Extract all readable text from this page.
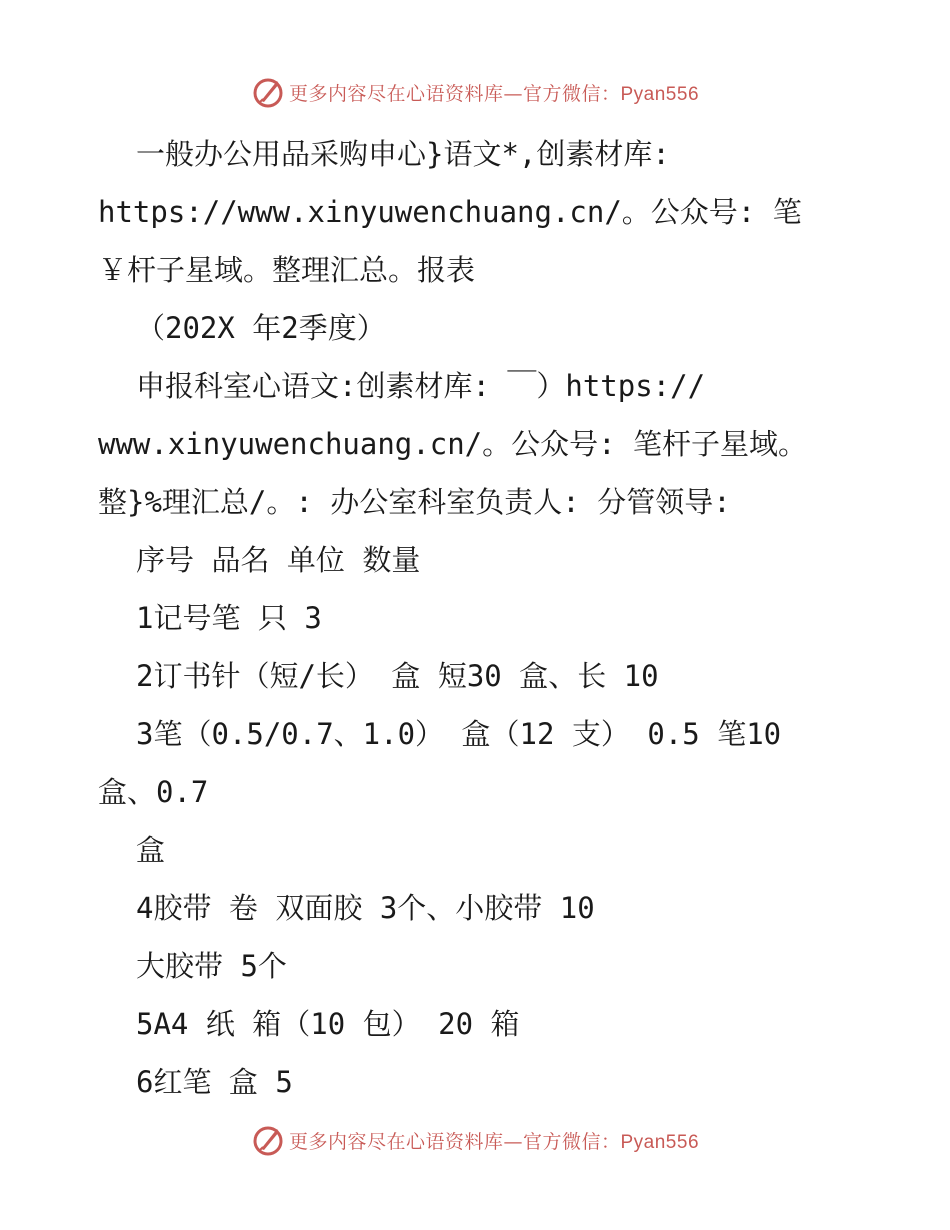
更多内容尽在心语资料库—官方微信：Pyan556
一般办公用品采购申心}语文*,创素材库:
https://www.xinyuwenchuang.cn/。公众号: 笔
￥杆子星域。整理汇总。报表
（202X 年2季度）
申报科室心语文:创素材库: ￣）https://
www.xinyuwenchuang.cn/。公众号: 笔杆子星域。
整}%理汇总/。: 办公室科室负责人: 分管领导:
序号 品名 单位 数量
1记号笔 只 3
2订书针（短/长） 盒 短30 盒、长 10
3笔（0.5/0.7、1.0） 盒（12 支） 0.5 笔10
盒、0.7
盒
4胶带 卷 双面胶 3个、小胶带 10
大胶带 5个
5A4 纸 箱（10 包） 20 箱
6红笔 盒 5
更多内容尽在心语资料库—官方微信：Pyan556
